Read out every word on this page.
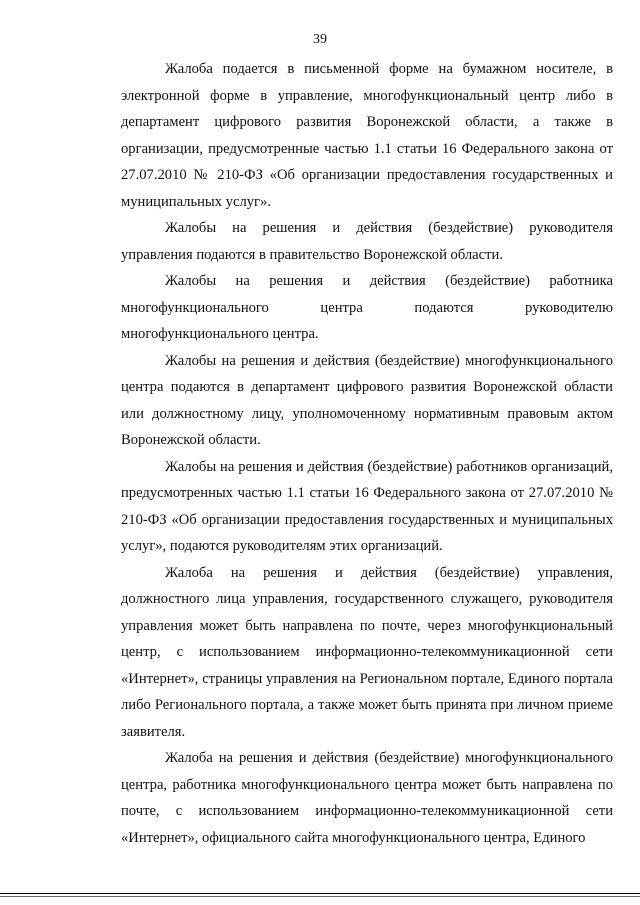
39

Жалоба подается в письменной форме на бумажном носителе, в электронной форме в управление, многофункциональный центр либо в департамент цифрового развития Воронежской области, а также в организации, предусмотренные частью 1.1 статьи 16 Федерального закона от 27.07.2010 № 210-ФЗ «Об организации предоставления государственных и муниципальных услуг».

Жалобы на решения и действия (бездействие) руководителя управления подаются в правительство Воронежской области.

Жалобы на решения и действия (бездействие) работника многофункционального центра подаются руководителю многофункционального центра.

Жалобы на решения и действия (бездействие) многофункционального центра подаются в департамент цифрового развития Воронежской области или должностному лицу, уполномоченному нормативным правовым актом Воронежской области.

Жалобы на решения и действия (бездействие) работников организаций, предусмотренных частью 1.1 статьи 16 Федерального закона от 27.07.2010 № 210-ФЗ «Об организации предоставления государственных и муниципальных услуг», подаются руководителям этих организаций.

Жалоба на решения и действия (бездействие) управления, должностного лица управления, государственного служащего, руководителя управления может быть направлена по почте, через многофункциональный центр, с использованием информационно-телекоммуникационной сети «Интернет», страницы управления на Региональном портале, Единого портала либо Регионального портала, а также может быть принята при личном приеме заявителя.

Жалоба на решения и действия (бездействие) многофункционального центра, работника многофункционального центра может быть направлена по почте, с использованием информационно-телекоммуникационной сети «Интернет», официального сайта многофункционального центра, Единого
